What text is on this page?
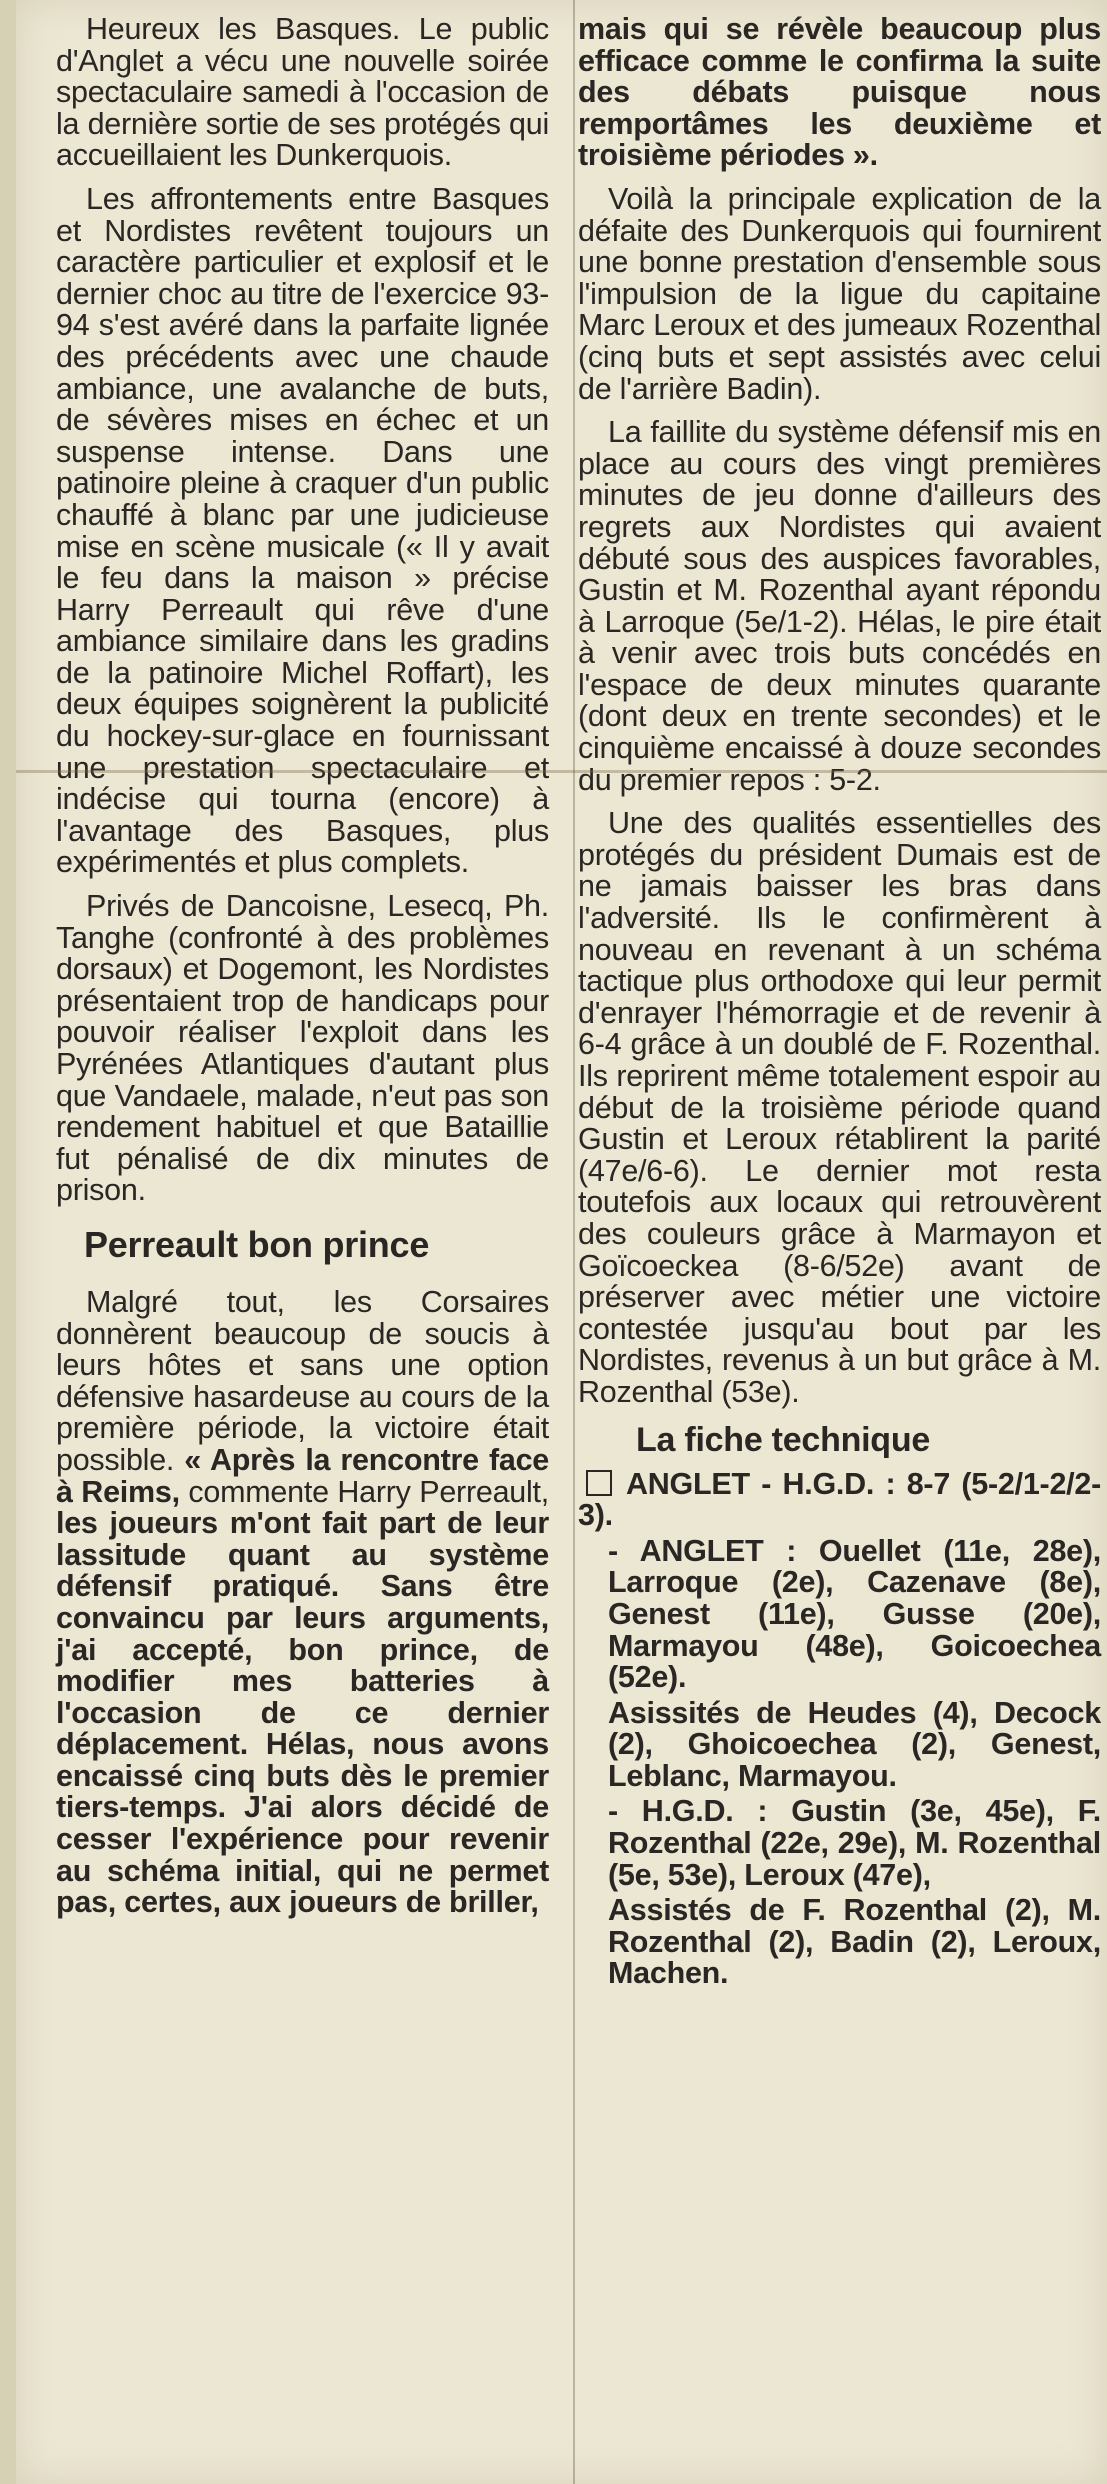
Heureux les Basques. Le public d'Anglet a vécu une nouvelle soirée spectaculaire samedi à l'occasion de la dernière sortie de ses protégés qui accueillaient les Dunkerquois.

Les affrontements entre Basques et Nordistes revêtent toujours un caractère particulier et explosif et le dernier choc au titre de l'exercice 93-94 s'est avéré dans la parfaite lignée des précédents avec une chaude ambiance, une avalanche de buts, de sévères mises en échec et un suspense intense. Dans une patinoire pleine à craquer d'un public chauffé à blanc par une judicieuse mise en scène musicale (« Il y avait le feu dans la maison » précise Harry Perreault qui rêve d'une ambiance similaire dans les gradins de la patinoire Michel Roffart), les deux équipes soignèrent la publicité du hockey-sur-glace en fournissant une prestation spectaculaire et indécise qui tourna (encore) à l'avantage des Basques, plus expérimentés et plus complets.

Privés de Dancoisne, Lesecq, Ph. Tanghe (confronté à des problèmes dorsaux) et Dogemont, les Nordistes présentaient trop de handicaps pour pouvoir réaliser l'exploit dans les Pyrénées Atlantiques d'autant plus que Vandaele, malade, n'eut pas son rendement habituel et que Bataillie fut pénalisé de dix minutes de prison.

Perreault bon prince

Malgré tout, les Corsaires donnèrent beaucoup de soucis à leurs hôtes et sans une option défensive hasardeuse au cours de la première période, la victoire était possible. « Après la rencontre face à Reims, commente Harry Perreault, les joueurs m'ont fait part de leur lassitude quant au système défensif pratiqué. Sans être convaincu par leurs arguments, j'ai accepté, bon prince, de modifier mes batteries à l'occasion de ce dernier déplacement. Hélas, nous avons encaissé cinq buts dès le premier tiers-temps. J'ai alors décidé de cesser l'expérience pour revenir au schéma initial, qui ne permet pas, certes, aux joueurs de briller,

mais qui se révèle beaucoup plus efficace comme le confirma la suite des débats puisque nous remportâmes les deuxième et troisième périodes ».

Voilà la principale explication de la défaite des Dunkerquois qui fournirent une bonne prestation d'ensemble sous l'impulsion de la ligue du capitaine Marc Leroux et des jumeaux Rozenthal (cinq buts et sept assistés avec celui de l'arrière Badin).

La faillite du système défensif mis en place au cours des vingt premières minutes de jeu donne d'ailleurs des regrets aux Nordistes qui avaient débuté sous des auspices favorables, Gustin et M. Rozenthal ayant répondu à Larroque (5e/1-2). Hélas, le pire était à venir avec trois buts concédés en l'espace de deux minutes quarante (dont deux en trente secondes) et le cinquième encaissé à douze secondes du premier repos : 5-2.

Une des qualités essentielles des protégés du président Dumais est de ne jamais baisser les bras dans l'adversité. Ils le confirmèrent à nouveau en revenant à un schéma tactique plus orthodoxe qui leur permit d'enrayer l'hémorragie et de revenir à 6-4 grâce à un doublé de F. Rozenthal. Ils reprirent même totalement espoir au début de la troisième période quand Gustin et Leroux rétablirent la parité (47e/6-6). Le dernier mot resta toutefois aux locaux qui retrouvèrent des couleurs grâce à Marmayon et Goïcoeckea (8-6/52e) avant de préserver avec métier une victoire contestée jusqu'au bout par les Nordistes, revenus à un but grâce à M. Rozenthal (53e).

La fiche technique

ANGLET - H.G.D. : 8-7 (5-2/1-2/2-3).

- ANGLET : Ouellet (11e, 28e), Larroque (2e), Cazenave (8e), Genest (11e), Gusse (20e), Marmayou (48e), Goicoechea (52e).

Asissités de Heudes (4), Decock (2), Ghoicoechea (2), Genest, Leblanc, Marmayou.

- H.G.D. : Gustin (3e, 45e), F. Rozenthal (22e, 29e), M. Rozenthal (5e, 53e), Leroux (47e),

Assistés de F. Rozenthal (2), M. Rozenthal (2), Badin (2), Leroux, Machen.
